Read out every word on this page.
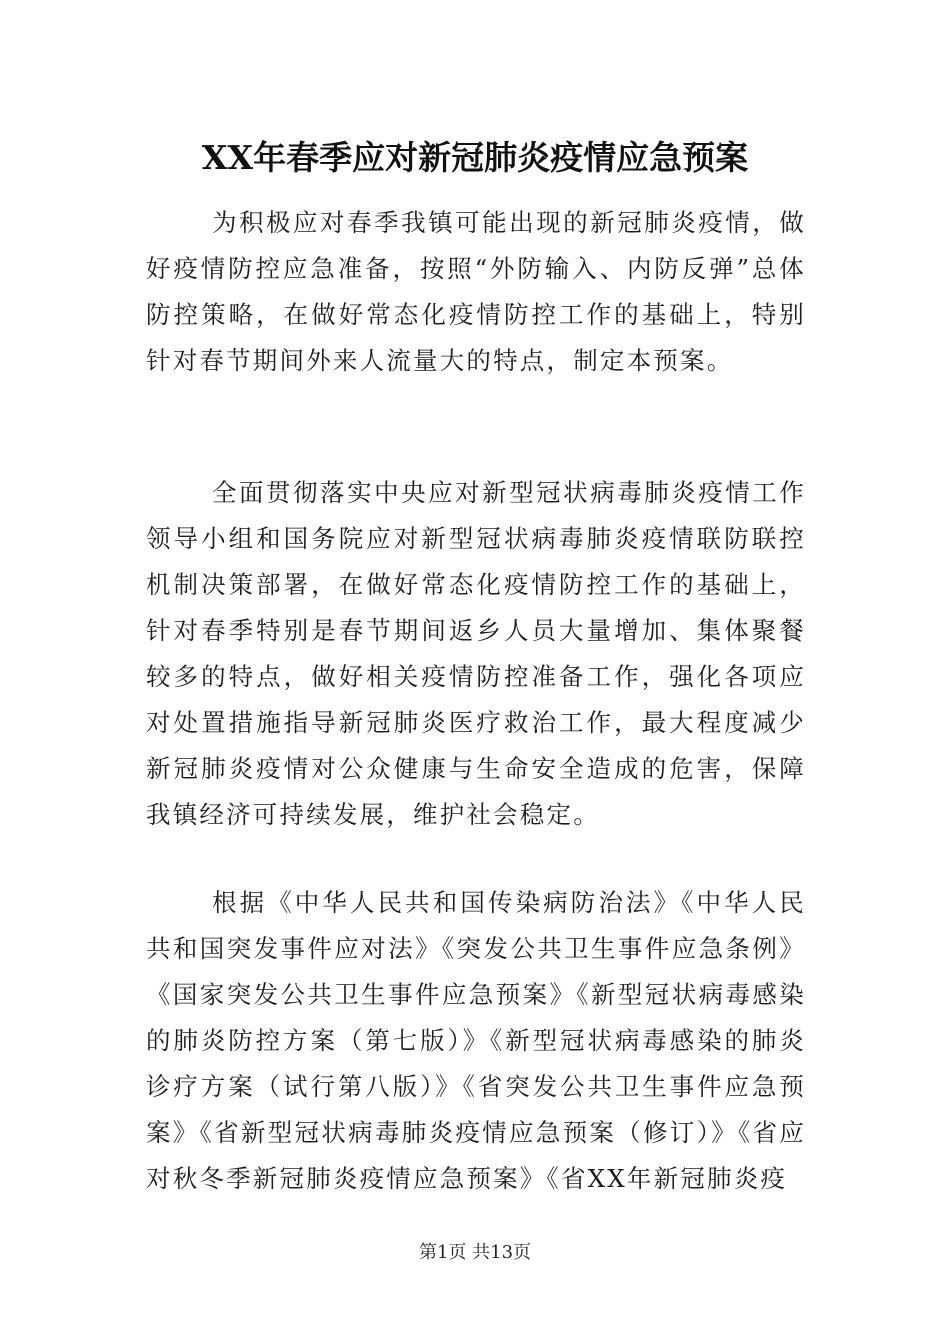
XX年春季应对新冠肺炎疫情应急预案

为积极应对春季我镇可能出现的新冠肺炎疫情，做好疫情防控应急准备，按照“外防输入、内防反弹”总体防控策略，在做好常态化疫情防控工作的基础上，特别针对春节期间外来人流量大的特点，制定本预案。

全面贯彻落实中央应对新型冠状病毒肺炎疫情工作领导小组和国务院应对新型冠状病毒肺炎疫情联防联控机制决策部署，在做好常态化疫情防控工作的基础上，针对春季特别是春节期间返乡人员大量增加、集体聚餐较多的特点，做好相关疫情防控准备工作，强化各项应对处置措施指导新冠肺炎医疗救治工作，最大程度减少新冠肺炎疫情对公众健康与生命安全造成的危害，保障我镇经济可持续发展，维护社会稳定。

根据《中华人民共和国传染病防治法》《中华人民共和国突发事件应对法》《突发公共卫生事件应急条例》《国家突发公共卫生事件应急预案》《新型冠状病毒感染的肺炎防控方案（第七版）》《新型冠状病毒感染的肺炎诊疗方案（试行第八版）》《省突发公共卫生事件应急预案》《省新型冠状病毒肺炎疫情应急预案（修订）》《省应对秋冬季新冠肺炎疫情应急预案》《省XX年新冠肺炎疫

第1页 共13页
